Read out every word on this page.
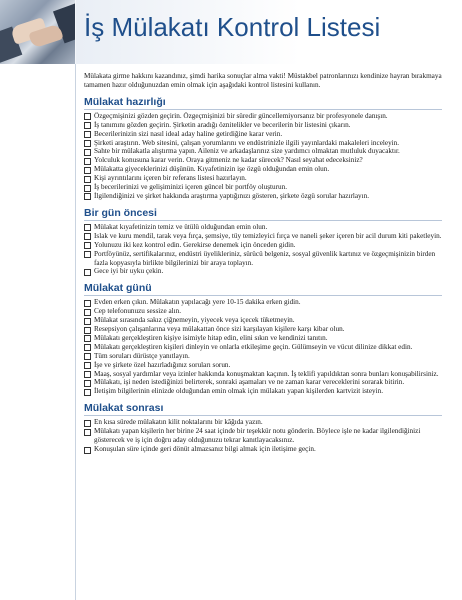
İş Mülakatı Kontrol Listesi

Mülakata girme hakkını kazandınız, şimdi harika sonuçlar alma vakti! Müstakbel patronlarınızı kendinize hayran bırakmaya tamamen hazır olduğunuzdan emin olmak için aşağıdaki kontrol listesini kullanın.

Mülakat hazırlığı
Özgeçmişinizi gözden geçirin. Özgeçmişinizi bir süredir güncellemiyorsanız bir profesyonele danışın.
İş tanımını gözden geçirin. Şirketin aradığı öznitelikler ve becerilerin bir listesini çıkarın.
Becerilerinizin sizi nasıl ideal aday haline getirdiğine karar verin.
Şirketi araştırın. Web sitesini, çalışan yorumlarını ve endüstrinizle ilgili yayınlardaki makaleleri inceleyin.
Sahte bir mülakatla alıştırma yapın. Aileniz ve arkadaşlarınız size yardımcı olmaktan mutluluk duyacaktır.
Yolculuk konusuna karar verin. Oraya gitmeniz ne kadar sürecek? Nasıl seyahat edeceksiniz?
Mülakatta giyeceklerinizi düşünün. Kıyafetinizin işe özgü olduğundan emin olun.
Kişi ayrıntılarını içeren bir referans listesi hazırlayın.
İş becerilerinizi ve gelişiminizi içeren güncel bir portföy oluşturun.
İlgilendiğinizi ve şirket hakkında araştırma yaptığınızı gösteren, şirkete özgü sorular hazırlayın.
Bir gün öncesi
Mülakat kıyafetinizin temiz ve ütülü olduğundan emin olun.
Islak ve kuru mendil, tarak veya fırça, şemsiye, tüy temizleyici fırça ve naneli şeker içeren bir acil durum kiti paketleyin.
Yolunuzu iki kez kontrol edin. Gerekirse denemek için önceden gidin.
Portföyünüz, sertifikalarınız, endüstri üyelikleriniz, sürücü belgeniz, sosyal güvenlik kartınız ve özgeçmişinizin birden fazla kopyasıyla birlikte bilgilerinizi bir araya toplayın.
Gece iyi bir uyku çekin.
Mülakat günü
Evden erken çıkın. Mülakatın yapılacağı yere 10-15 dakika erken gidin.
Cep telefonunuzu sessize alın.
Mülakat sırasında sakız çiğnemeyin, yiyecek veya içecek tüketmeyin.
Resepsiyon çalışanlarına veya mülakattan önce sizi karşılayan kişilere karşı kibar olun.
Mülakatı gerçekleştiren kişiye isimiyle hitap edin, elini sıkın ve kendinizi tanıtın.
Mülakatı gerçekleştiren kişileri dinleyin ve onlarla etkileşime geçin. Gülümseyin ve vücut dilinize dikkat edin.
Tüm soruları dürüstçe yanıtlayın.
İşe ve şirkete özel hazırladığınız soruları sorun.
Maaş, sosyal yardımlar veya izinler hakkında konuşmaktan kaçının. İş teklifi yapıldıktan sonra bunları konuşabilirsiniz.
Mülakatı, işi neden istediğinizi belirterek, sonraki aşamaları ve ne zaman karar vereceklerini sorarak bitirin.
İletişim bilgilerinin elinizde olduğundan emin olmak için mülakatı yapan kişilerden kartvizit isteyin.
Mülakat sonrası
En kısa sürede mülakatın kilit noktalarını bir kâğıda yazın.
Mülakatı yapan kişilerin her birine 24 saat içinde bir teşekkür notu gönderin. Böylece işle ne kadar ilgilendiğinizi gösterecek ve iş için doğru aday olduğunuzu tekrar kanıtlayacaksınız.
Konuşulan süre içinde geri dönüt almazsanız bilgi almak için iletişime geçin.
